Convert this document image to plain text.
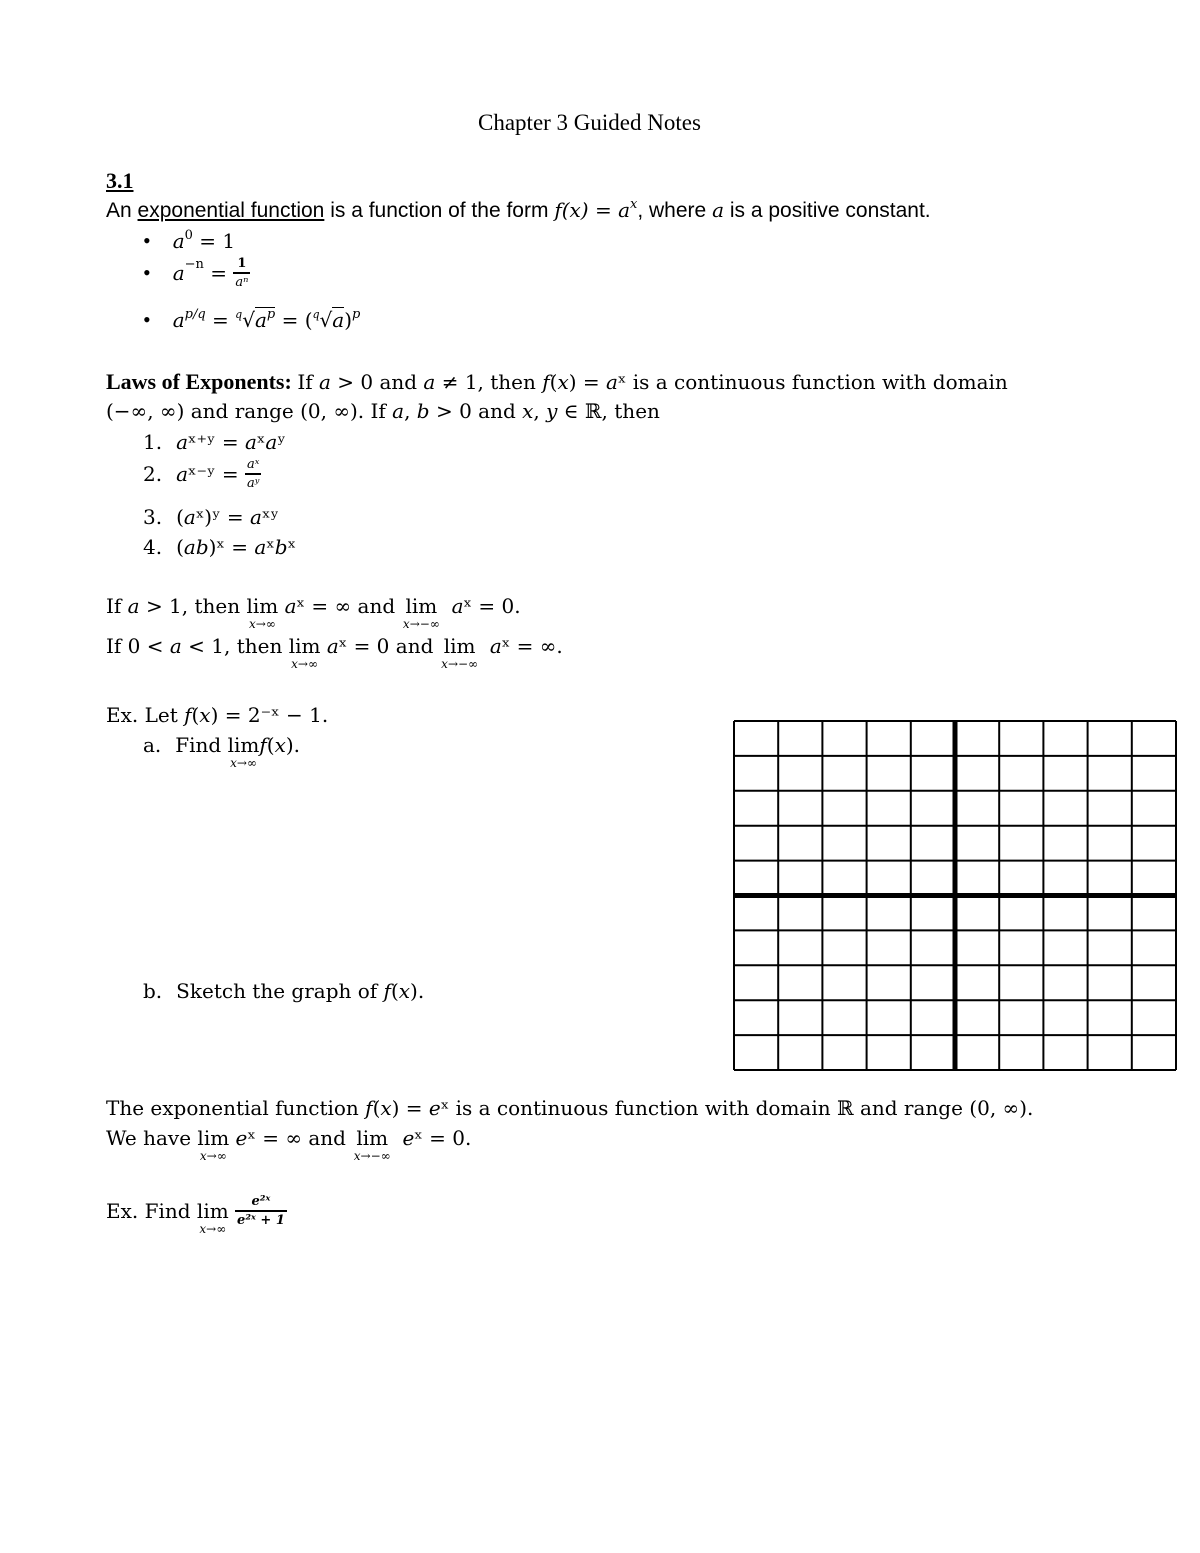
Chapter 3 Guided Notes
3.1
An exponential function is a function of the form $f(x) = a^x$, where a is a positive constant.
• $a^0 = 1$
• $a^{-n} = \frac{1}{\text{aⁿ}}$
• $a^{p/q} = ^q√a^p = (^q√a)^p$
Laws of Exponents: If 𝑎 > 0 and 𝑎 ≠ 1, then 𝑓(𝑥) = 𝑎ˣ is a continuous function with domain
(−∞, ∞) and range (0, ∞). If 𝑎, 𝑏 > 0 and 𝑥, 𝑦 ∈ ℝ, then
1. 𝑎ˣ⁺ʸ = 𝑎ˣ𝑎ʸ
2. 𝑎ˣ⁻ʸ = $\frac{\text{aˣ}}{\text{aʸ}}$
3. (𝑎ˣ)ʸ = 𝑎ˣʸ
4. (𝑎𝑏)ˣ = 𝑎ˣ𝑏ˣ
If 𝑎 > 1, then lim
x→∞
𝑎ˣ = ∞ and lim
x→−∞
𝑎ˣ = 0.
If 0 < 𝑎 < 1, then lim
x→∞
𝑎ˣ = 0 and lim
x→−∞
𝑎ˣ = ∞.
Ex. Let 𝑓(𝑥) = 2⁻ˣ − 1.
a. Find lim
x→∞
𝑓(𝑥).
b. Sketch the graph of 𝑓(𝑥).
The exponential function 𝑓(𝑥) = 𝑒ˣ is a continuous function with domain ℝ and range (0, ∞).
We have lim
x→∞
𝑒ˣ = ∞ and lim
x→−∞
𝑒ˣ = 0.
Ex. Find lim
x→∞

$\frac{\text{e²ˣ}}{\text{e²ˣ + 1}}$
